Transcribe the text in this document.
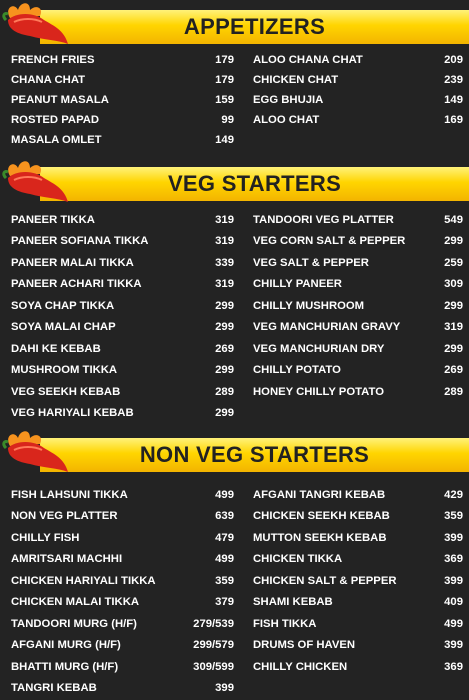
APPETIZERS
FRENCH FRIES	179
CHANA CHAT	179
PEANUT MASALA	159
ROSTED PAPAD	99
MASALA OMLET	149
ALOO CHANA CHAT	209
CHICKEN CHAT	239
EGG BHUJIA	149
ALOO CHAT	169
VEG STARTERS
PANEER TIKKA	319
PANEER SOFIANA TIKKA	319
PANEER MALAI TIKKA	339
PANEER ACHARI TIKKA	319
SOYA CHAP TIKKA	299
SOYA MALAI CHAP	299
DAHI KE KEBAB	269
MUSHROOM TIKKA	299
VEG SEEKH KEBAB	289
VEG HARIYALI KEBAB	299
TANDOORI VEG PLATTER	549
VEG CORN SALT & PEPPER	299
VEG SALT & PEPPER	259
CHILLY PANEER	309
CHILLY MUSHROOM	299
VEG MANCHURIAN GRAVY	319
VEG MANCHURIAN DRY	299
CHILLY POTATO	269
HONEY CHILLY POTATO	289
NON VEG STARTERS
FISH LAHSUNI TIKKA	499
NON VEG PLATTER	639
CHILLY FISH	479
AMRITSARI MACHHI	499
CHICKEN HARIYALI TIKKA	359
CHICKEN MALAI TIKKA	379
TANDOORI MURG (H/F)	279/539
AFGANI MURG (H/F)	299/579
BHATTI MURG (H/F)	309/599
TANGRI KEBAB	399
AFGANI TANGRI KEBAB	429
CHICKEN SEEKH KEBAB	359
MUTTON SEEKH KEBAB	399
CHICKEN TIKKA	369
CHICKEN SALT & PEPPER	399
SHAMI KEBAB	409
FISH TIKKA	499
DRUMS OF HAVEN	399
CHILLY CHICKEN	369
